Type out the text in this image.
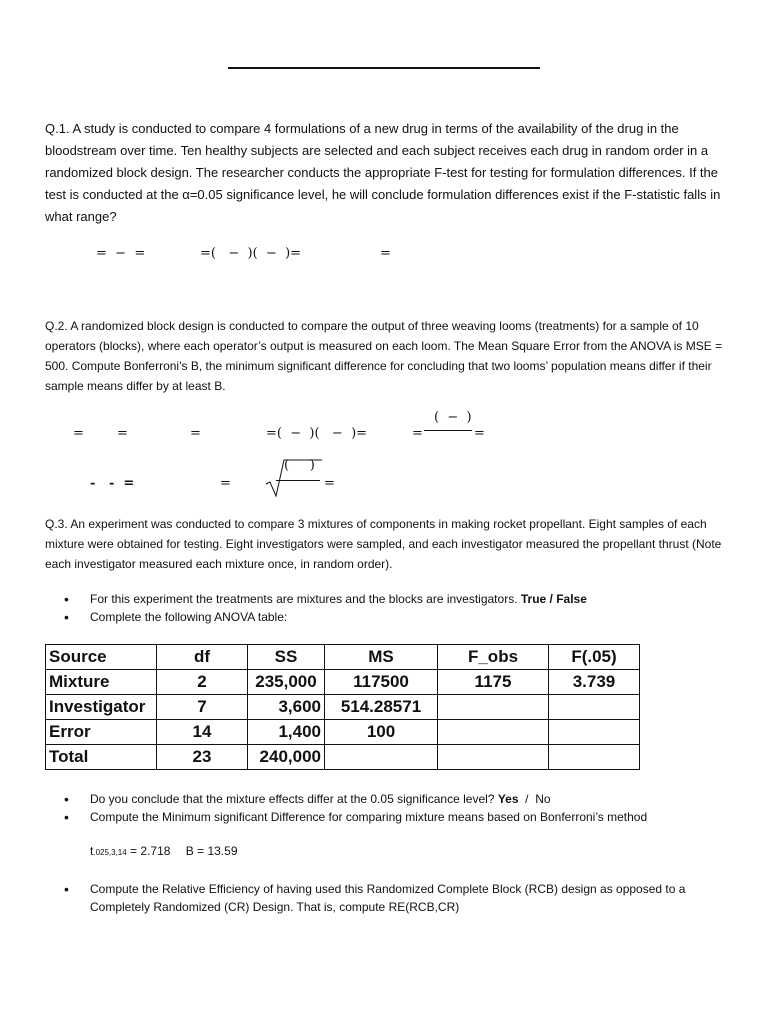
Q.1. A study is conducted to compare 4 formulations of a new drug in terms of the availability of the drug in the bloodstream over time. Ten healthy subjects are selected and each subject receives each drug in random order in a randomized block design. The researcher conducts the appropriate F-test for testing for formulation differences. If the test is conducted at the α=0.05 significance level, he will conclude formulation differences exist if the F-statistic falls in what range?

=  −  =	=(   −  )(  −  )=	=

Q.2. A randomized block design is conducted to compare the output of three weaving looms (treatments) for a sample of 10 operators (blocks), where each operator’s output is measured on each loom. The Mean Square Error from the ANOVA is MSE = 500. Compute Bonferroni’s B, the minimum significant difference for concluding that two looms’ population means differ if their sample means differ by at least B.

=	=	=	=(  −  )(   −  )=	=
(  −  )
=
-   -  =	=
(     )
=

Q.3. An experiment was conducted to compare 3 mixtures of components in making rocket propellant. Eight samples of each mixture were obtained for testing. Eight investigators were sampled, and each investigator measured the propellant thrust (Note each investigator measured each mixture once, in random order).

• For this experiment the treatments are mixtures and the blocks are investigators. True / False
• Complete the following ANOVA table:
Source	df	SS	MS	F_obs	F(.05)
Mixture	2	235,000	117500	1175	3.739
Investigator	7	3,600	514.28571		
Error	14	1,400	100		
Total	23	240,000			
• Do you conclude that the mixture effects differ at the 0.05 significance level? Yes  /  No
• Compute the Minimum significant Difference for comparing mixture means based on Bonferroni’s method
t.025,3,14 = 2.718 B = 13.59
• Compute the Relative Efficiency of having used this Randomized Complete Block (RCB) design as opposed to a Completely Randomized (CR) Design. That is, compute RE(RCB,CR)
